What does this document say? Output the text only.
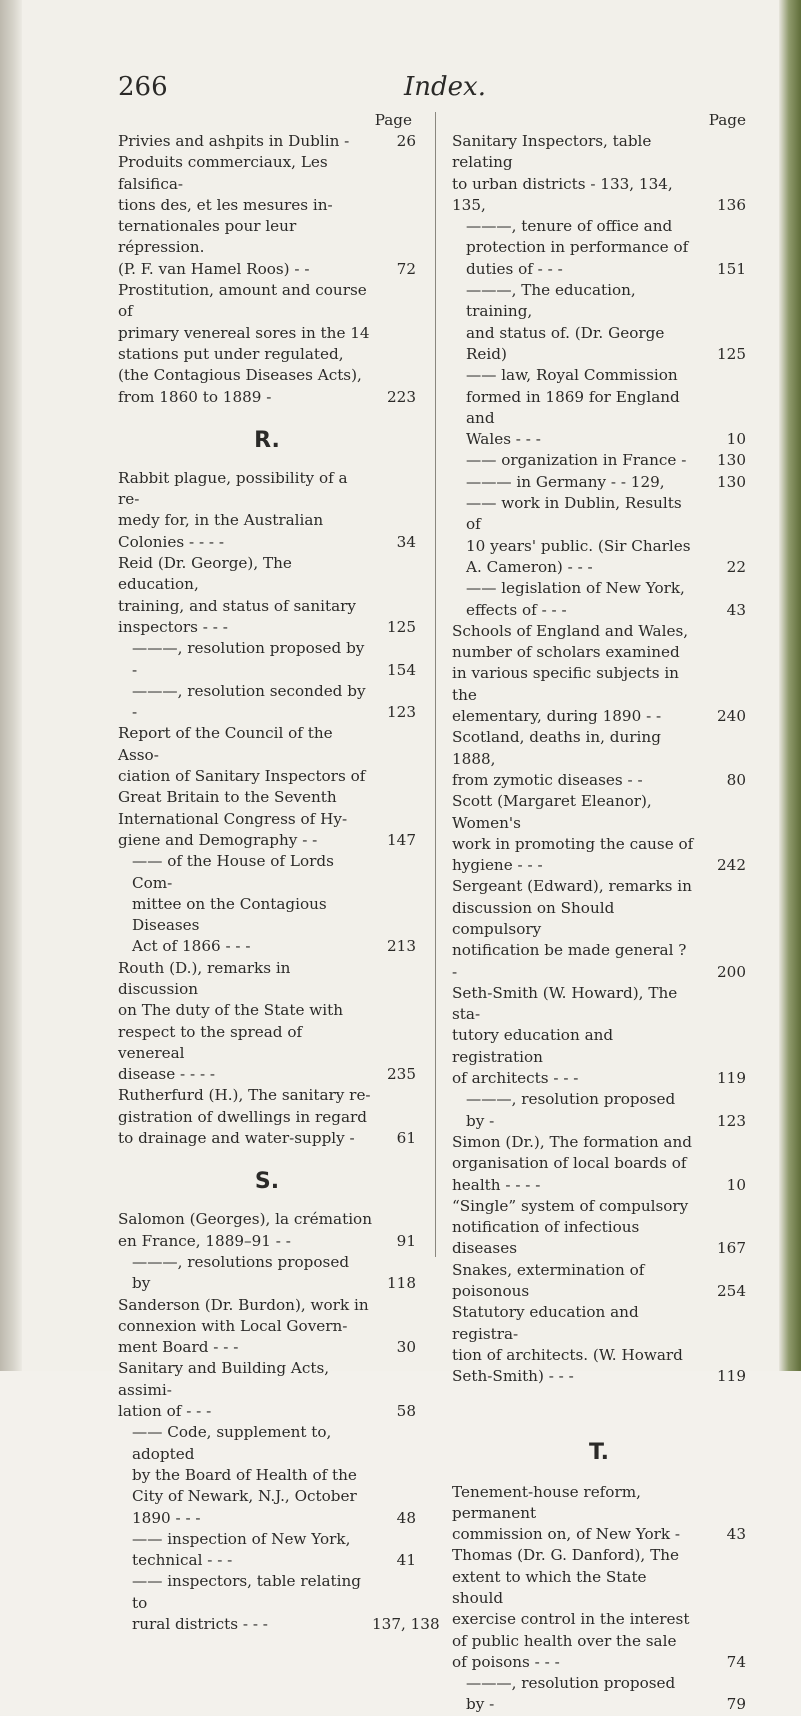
266	Index.
Page
Privies and ashpits in Dublin -	26
Produits commerciaux, Les falsifica-
tions des, et les mesures in-
ternationales pour leur répression.
(P. F. van Hamel Roos) - -	72
Prostitution, amount and course of
primary venereal sores in the 14
stations put under regulated,
(the Contagious Diseases Acts),
from 1860 to 1889 -	223
R.
Rabbit plague, possibility of a re-
medy for, in the Australian
Colonies - - - -	34
Reid (Dr. George), The education,
training, and status of sanitary
inspectors - - -	125
———, resolution proposed by -	154
———, resolution seconded by -	123
Report of the Council of the Asso-
ciation of Sanitary Inspectors of
Great Britain to the Seventh
International Congress of Hy-
giene and Demography - -	147
—— of the House of Lords Com-
mittee on the Contagious Diseases
Act of 1866 - - -	213
Routh (D.), remarks in discussion
on The duty of the State with
respect to the spread of venereal
disease - - - -	235
Rutherfurd (H.), The sanitary re-
gistration of dwellings in regard
to drainage and water-supply -	61
S.
Salomon (Georges), la crémation
en France, 1889–91 - -	91
———, resolutions proposed by	118
Sanderson (Dr. Burdon), work in
connexion with Local Govern-
ment Board - - -	30
Sanitary and Building Acts, assimi-
lation of - - -	58
—— Code, supplement to, adopted
by the Board of Health of the
City of Newark, N.J., October
1890 - - -	48
—— inspection of New York,
technical - - -	41
—— inspectors, table relating to
rural districts - - -	137, 138
Page
Sanitary Inspectors, table relating
to urban districts - 133, 134, 135,	136
———, tenure of office and
protection in performance of
duties of - - -	151
———, The education, training,
and status of. (Dr. George Reid)	125
—— law, Royal Commission
formed in 1869 for England and
Wales - - -	10
—— organization in France -	130
——— in Germany - - 129,	130
—— work in Dublin, Results of
10 years' public. (Sir Charles
A. Cameron) - - -	22
—— legislation of New York,
effects of - - -	43
Schools of England and Wales,
number of scholars examined
in various specific subjects in the
elementary, during 1890 - -	240
Scotland, deaths in, during 1888,
from zymotic diseases - -	80
Scott (Margaret Eleanor), Women's
work in promoting the cause of
hygiene - - -	242
Sergeant (Edward), remarks in
discussion on Should compulsory
notification be made general ? -	200
Seth-Smith (W. Howard), The sta-
tutory education and registration
of architects - - -	119
———, resolution proposed by -	123
Simon (Dr.), The formation and
organisation of local boards of
health - - - -	10
“Single” system of compulsory
notification of infectious diseases	167
Snakes, extermination of poisonous	254
Statutory education and registra-
tion of architects. (W. Howard
Seth-Smith) - - -	119
T.
Tenement-house reform, permanent
commission on, of New York -	43
Thomas (Dr. G. Danford), The
extent to which the State should
exercise control in the interest
of public health over the sale
of poisons - - -	74
———, resolution proposed by -	79
